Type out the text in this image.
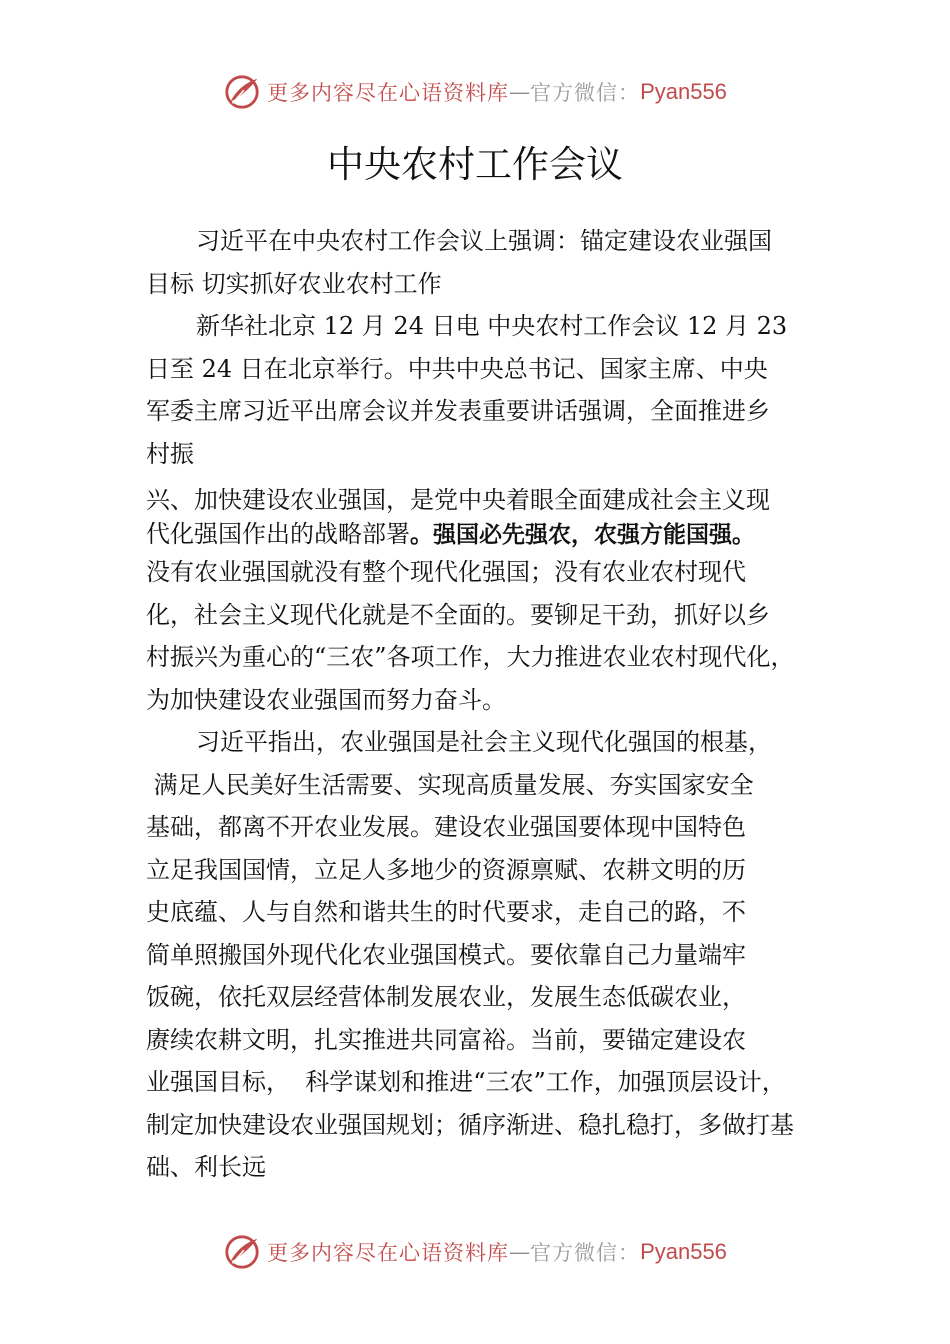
更多内容尽在心语资料库 — 官方微信： Pyan556
中央农村工作会议
习近平在中央农村工作会议上强调：锚定建设农业强国
目标 切实抓好农业农村工作
新华社北京 12 月 24 日电 中央农村工作会议 12 月 23
日至 24 日在北京举行。中共中央总书记、国家主席、中央
军委主席习近平出席会议并发表重要讲话强调，全面推进乡
村振
兴、加快建设农业强国，是党中央着眼全面建成社会主义现
代化强国作出的战略部署。强国必先强农，农强方能国强。
没有农业强国就没有整个现代化强国；没有农业农村现代
化，社会主义现代化就是不全面的。要铆足干劲，抓好以乡
村振兴为重心的“三农”各项工作，大力推进农业农村现代化，
为加快建设农业强国而努力奋斗。
习近平指出，农业强国是社会主义现代化强国的根基，
满足人民美好生活需要、实现高质量发展、夯实国家安全
基础，都离不开农业发展。建设农业强国要体现中国特色
立足我国国情，立足人多地少的资源禀赋、农耕文明的历
史底蕴、人与自然和谐共生的时代要求，走自己的路，不
简单照搬国外现代化农业强国模式。要依靠自己力量端牢
饭碗，依托双层经营体制发展农业，发展生态低碳农业，
赓续农耕文明，扎实推进共同富裕。当前，要锚定建设农
业强国目标，  科学谋划和推进“三农”工作，加强顶层设计，
制定加快建设农业强国规划；循序渐进、稳扎稳打，多做打基
础、利长远
更多内容尽在心语资料库 — 官方微信： Pyan556
